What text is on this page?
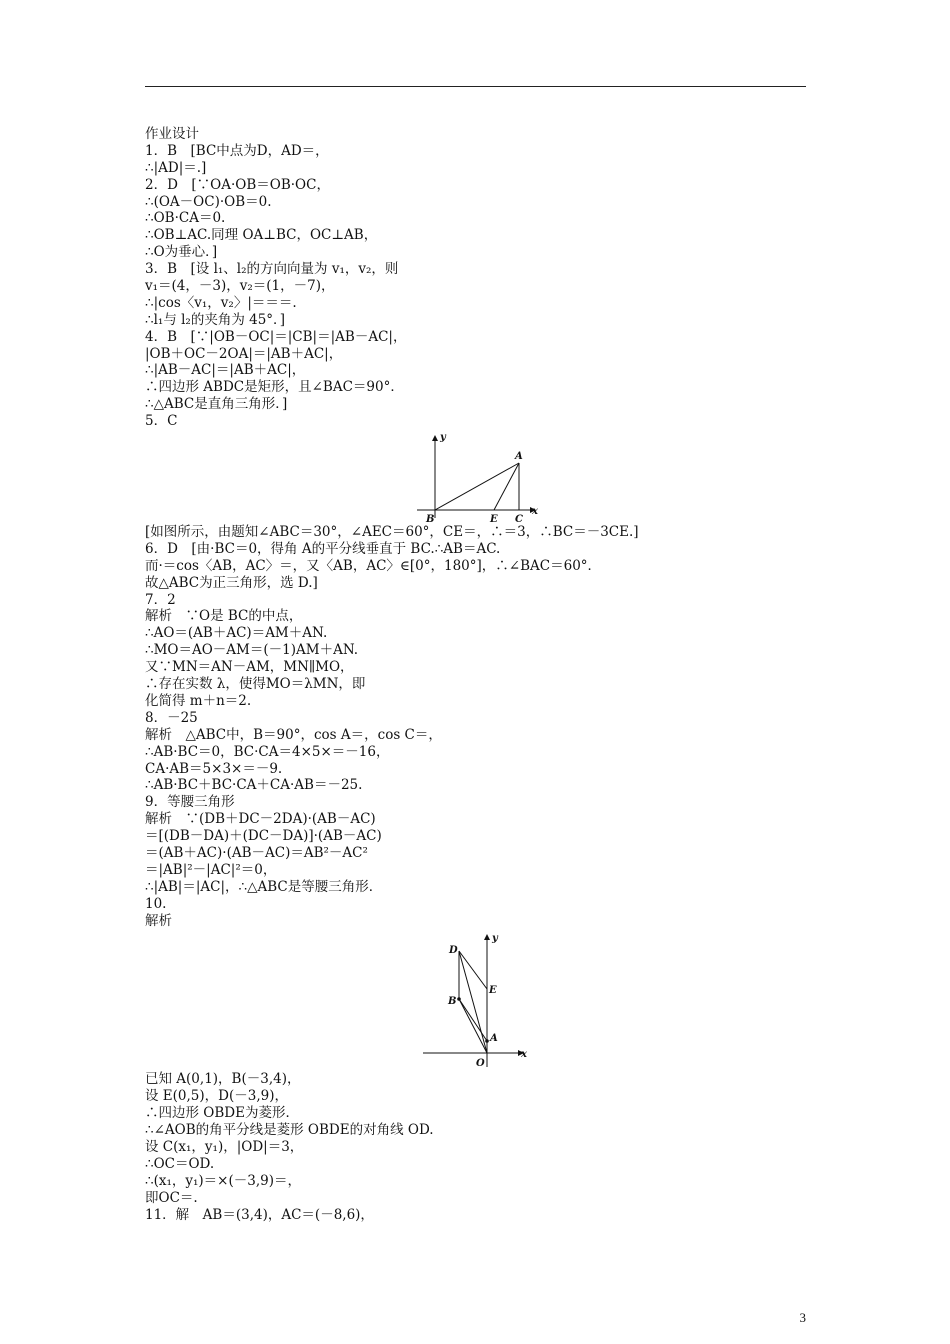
作业设计
1．B　[BC中点为D，AD＝，
∴|AD|＝.]
2．D　[∵OA·OB＝OB·OC，
∴(OA－OC)·OB＝0.
∴OB·CA＝0.
∴OB⊥AC.同理 OA⊥BC，OC⊥AB，
∴O为垂心．]
3．B　[设 l₁、l₂的方向向量为 v₁，v₂，则
v₁＝(4，－3)，v₂＝(1，－7)，
∴|cos〈v₁，v₂〉|＝＝＝.
∴l₁与 l₂的夹角为 45°．]
4．B　[∵|OB－OC|＝|CB|＝|AB－AC|，
|OB＋OC－2OA|＝|AB＋AC|，
∴|AB－AC|＝|AB＋AC|，
∴四边形 ABDC是矩形，且∠BAC＝90°．
∴△ABC是直角三角形．]
5．C
y
x
A
B	E C
[如图所示，由题知∠ABC＝30°，∠AEC＝60°，CE＝，∴＝3，∴BC＝－3CE.]
6．D　[由·BC＝0，得角 A的平分线垂直于 BC.∴AB＝AC.
而·＝cos〈AB，AC〉＝，又〈AB，AC〉∈[0°，180°]，∴∠BAC＝60°．
故△ABC为正三角形，选 D.]
7．2
解析　∵O是 BC的中点，
∴AO＝(AB＋AC)＝AM＋AN.
∴MO＝AO－AM＝(－1)AM＋AN.
又∵MN＝AN－AM，MN∥MO，
∴存在实数 λ，使得MO＝λMN，即
化简得 m＋n＝2.
8．－25
解析　△ABC中，B＝90°，cos A＝，cos C＝，
∴AB·BC＝0，BC·CA＝4×5×＝－16，
CA·AB＝5×3×＝－9.
∴AB·BC＋BC·CA＋CA·AB＝－25.
9．等腰三角形
解析　∵(DB＋DC－2DA)·(AB－AC)
＝[(DB－DA)＋(DC－DA)]·(AB－AC)
＝(AB＋AC)·(AB－AC)＝AB²－AC²
＝|AB|²－|AC|²＝0，
∴|AB|＝|AC|，∴△ABC是等腰三角形．
10.
解析
y
x
D
B
E
A
O
已知 A(0,1)，B(－3,4)，
设 E(0,5)，D(－3,9)，
∴四边形 OBDE为菱形．
∴∠AOB的角平分线是菱形 OBDE的对角线 OD.
设 C(x₁，y₁)，|OD|＝3，
∴OC＝OD.
∴(x₁，y₁)＝×(－3,9)＝，
即OC＝.
11．解　AB＝(3,4)，AC＝(－8,6)，
3
